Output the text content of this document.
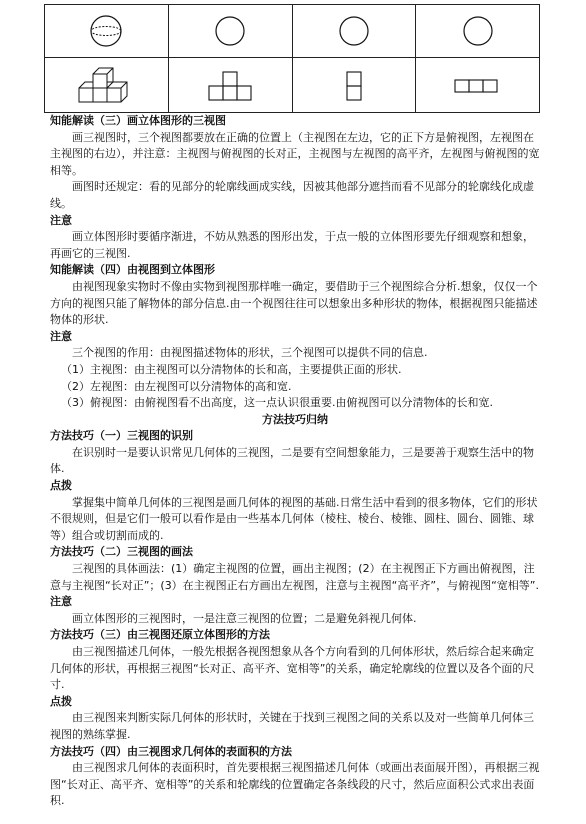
知能解读（三）画立体图形的三视图

画三视图时，三个视图都要放在正确的位置上（主视图在左边，它的正下方是俯视图，左视图在主视图的右边），并注意：主视图与俯视图的长对正，主视图与左视图的高平齐，左视图与俯视图的宽相等。

画图时还规定：看的见部分的轮廓线画成实线，因被其他部分遮挡而看不见部分的轮廓线化成虚线。

注意

画立体图形时要循序渐进，不妨从熟悉的图形出发，于点一般的立体图形要先仔细观察和想象，再画它的三视图.

知能解读（四）由视图到立体图形

由视图现象实物时不像由实物到视图那样唯一确定，要借助于三个视图综合分析.想象，仅仅一个方向的视图只能了解物体的部分信息.由一个视图往往可以想象出多种形状的物体，根据视图只能描述物体的形状.

注意

三个视图的作用：由视图描述物体的形状，三个视图可以提供不同的信息.

（1）主视图：由主视图可以分清物体的长和高，主要提供正面的形状.

（2）左视图：由左视图可以分清物体的高和宽.

（3）俯视图：由俯视图看不出高度，这一点认识很重要.由俯视图可以分清物体的长和宽.

方法技巧归纳

方法技巧（一）三视图的识别

在识别时一是要认识常见几何体的三视图，二是要有空间想象能力，三是要善于观察生活中的物体.

点拨

掌握集中简单几何体的三视图是画几何体的视图的基础.日常生活中看到的很多物体，它们的形状不很规则，但是它们一般可以看作是由一些基本几何体（棱柱、棱台、棱锥、圆柱、圆台、圆锥、球等）组合或切割而成的.

方法技巧（二）三视图的画法

三视图的具体画法：(1）确定主视图的位置，画出主视图；(2）在主视图正下方画出俯视图，注意与主视图“长对正”；(3）在主视图正右方画出左视图，注意与主视图“高平齐”，与俯视图“宽相等”.

注意

画立体图形的三视图时，一是注意三视图的位置；二是避免斜视几何体.

方法技巧（三）由三视图还原立体图形的方法

由三视图描述几何体，一般先根据各视图想象从各个方向看到的几何体形状，然后综合起来确定几何体的形状，再根据三视图“长对正、高平齐、宽相等”的关系，确定轮廓线的位置以及各个面的尺寸.

点拨

由三视图来判断实际几何体的形状时，关键在于找到三视图之间的关系以及对一些简单几何体三视图的熟练掌握.

方法技巧（四）由三视图求几何体的表面积的方法

由三视图求几何体的表面积时，首先要根据三视图描述几何体（或画出表面展开图），再根据三视图“长对正、高平齐、宽相等”的关系和轮廓线的位置确定各条线段的尺寸，然后应面积公式求出表面积.
